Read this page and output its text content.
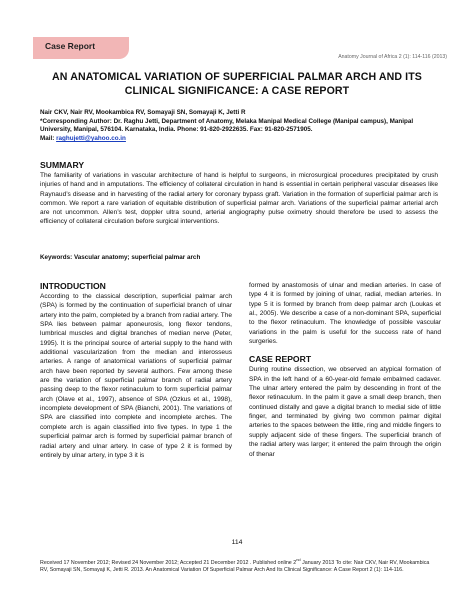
Case Report
Anatomy Journal of Africa 2 (1): 114-116 (2013)
AN ANATOMICAL VARIATION OF SUPERFICIAL PALMAR ARCH AND ITS CLINICAL SIGNIFICANCE: A CASE REPORT
Nair CKV, Nair RV, Mookambica RV, Somayaji SN, Somayaji K, Jetti R
*Corresponding Author: Dr. Raghu Jetti, Department of Anatomy, Melaka Manipal Medical College (Manipal campus), Manipal University, Manipal, 576104. Karnataka, India. Phone: 91-820-2922635. Fax: 91-820-2571905.
Mail: raghujetti@yahoo.co.in
SUMMARY
The familiarity of variations in vascular architecture of hand is helpful to surgeons, in microsurgical procedures precipitated by crush injuries of hand and in amputations. The efficiency of collateral circulation in hand is essential in certain peripheral vascular diseases like Raynaud’s disease and in harvesting of the radial artery for coronary bypass graft. Variation in the formation of superficial palmar arch is common. We report a rare variation of equitable distribution of superficial palmar arch. Variations of the superficial palmar arterial arch are not uncommon. Allen’s test, doppler ultra sound, arterial angiography pulse oximetry should therefore be used to assess the efficiency of collateral circulation before surgical interventions.
Keywords: Vascular anatomy; superficial palmar arch
INTRODUCTION
According to the classical description, superficial palmar arch (SPA) is formed by the continuation of superficial branch of ulnar artery into the palm, completed by a branch from radial artery. The SPA lies between palmar aponeurosis, long flexor tendons, lumbrical muscles and digital branches of median nerve (Peter, 1995). It is the principal source of arterial supply to the hand with additional vascularization from the median and interosseus arteries. A range of anatomical variations of superficial palmar arch have been reported by several authors. Few among these are the variation of superficial palmar branch of radial artery passing deep to the flexor retinaculum to form superficial palmar arch (Olave et al., 1997), absence of SPA (Ozkus et al., 1998), incomplete development of SPA (Bianchi, 2001). The variations of SPA are classified into complete and incomplete arches. The complete arch is again classified into five types. In type 1 the superficial palmar arch is formed by superficial palmar branch of radial artery and ulnar artery. In case of type 2 it is formed by entirely by ulnar artery, in type 3 it is
formed by anastomosis of ulnar and median arteries. In case of type 4 it is formed by joining of ulnar, radial, median arteries. In type 5 it is formed by branch from deep palmar arch (Loukas et al., 2005). We describe a case of a non-dominant SPA, superficial to the flexor retinaculum. The knowledge of possible vascular variations in the palm is useful for the success rate of hand surgeries.
CASE REPORT
During routine dissection, we observed an atypical formation of SPA in the left hand of a 60-year-old female embalmed cadaver. The ulnar artery entered the palm by descending in front of the flexor retinaculum. In the palm it gave a small deep branch, then continued distally and gave a digital branch to medial side of little finger, and terminated by giving two common palmar digital arteries to the spaces between the little, ring and middle fingers to supply adjacent side of these fingers. The superficial branch of the radial artery was larger; it entered the palm through the origin of thenar
114
Received 17 November 2012; Revised 24 November 2012; Accepted 21 December 2012 . Published online 2nd January 2013 To cite: Nair CKV, Nair RV, Mookambica RV, Somayaji SN, Somayaji K, Jetti R. 2013. An Anatomical Variation Of Superficial Palmar Arch And Its Clinical Significance: A Case Report 2 (1): 114-116.
